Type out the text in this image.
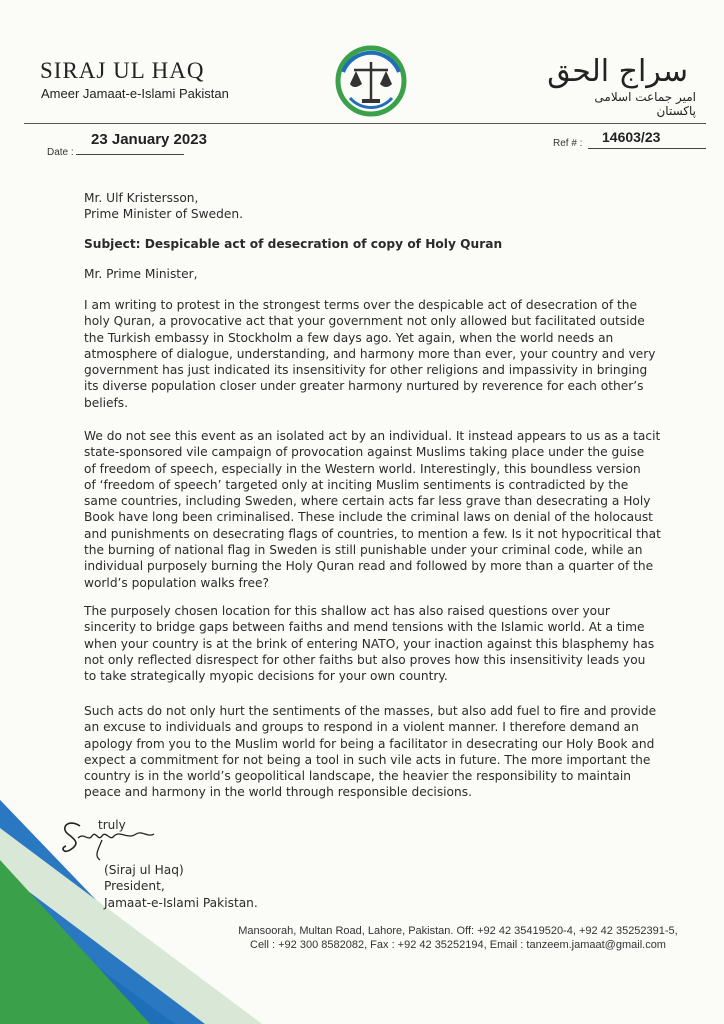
SIRAJ UL HAQ
Ameer Jamaat-e-Islami Pakistan
سراج الحق
امیر جماعت اسلامی پاکستان
Date :
23 January 2023	Ref # : 14603/23
Mr. Ulf Kristersson,
Prime Minister of Sweden.
Subject: Despicable act of desecration of copy of Holy Quran
Mr. Prime Minister,
I am writing to protest in the strongest terms over the despicable act of desecration of the
holy Quran, a provocative act that your government not only allowed but facilitated outside
the Turkish embassy in Stockholm a few days ago. Yet again, when the world needs an
atmosphere of dialogue, understanding, and harmony more than ever, your country and very
government has just indicated its insensitivity for other religions and impassivity in bringing
its diverse population closer under greater harmony nurtured by reverence for each other’s
beliefs.
We do not see this event as an isolated act by an individual. It instead appears to us as a tacit
state-sponsored vile campaign of provocation against Muslims taking place under the guise
of freedom of speech, especially in the Western world. Interestingly, this boundless version
of ‘freedom of speech’ targeted only at inciting Muslim sentiments is contradicted by the
same countries, including Sweden, where certain acts far less grave than desecrating a Holy
Book have long been criminalised. These include the criminal laws on denial of the holocaust
and punishments on desecrating flags of countries, to mention a few. Is it not hypocritical that
the burning of national flag in Sweden is still punishable under your criminal code, while an
individual purposely burning the Holy Quran read and followed by more than a quarter of the
world’s population walks free?
The purposely chosen location for this shallow act has also raised questions over your
sincerity to bridge gaps between faiths and mend tensions with the Islamic world. At a time
when your country is at the brink of entering NATO, your inaction against this blasphemy has
not only reflected disrespect for other faiths but also proves how this insensitivity leads you
to take strategically myopic decisions for your own country.
Such acts do not only hurt the sentiments of the masses, but also add fuel to fire and provide
an excuse to individuals and groups to respond in a violent manner. I therefore demand an
apology from you to the Muslim world for being a facilitator in desecrating our Holy Book and
expect a commitment for not being a tool in such vile acts in future. The more important the
country is in the world’s geopolitical landscape, the heavier the responsibility to maintain
peace and harmony in the world through responsible decisions.
truly
(Siraj ul Haq)
President,
Jamaat-e-Islami Pakistan.
Mansoorah, Multan Road, Lahore, Pakistan. Off: +92 42 35419520-4, +92 42 35252391-5,
Cell : +92 300 8582082, Fax : +92 42 35252194, Email : tanzeem.jamaat@gmail.com
